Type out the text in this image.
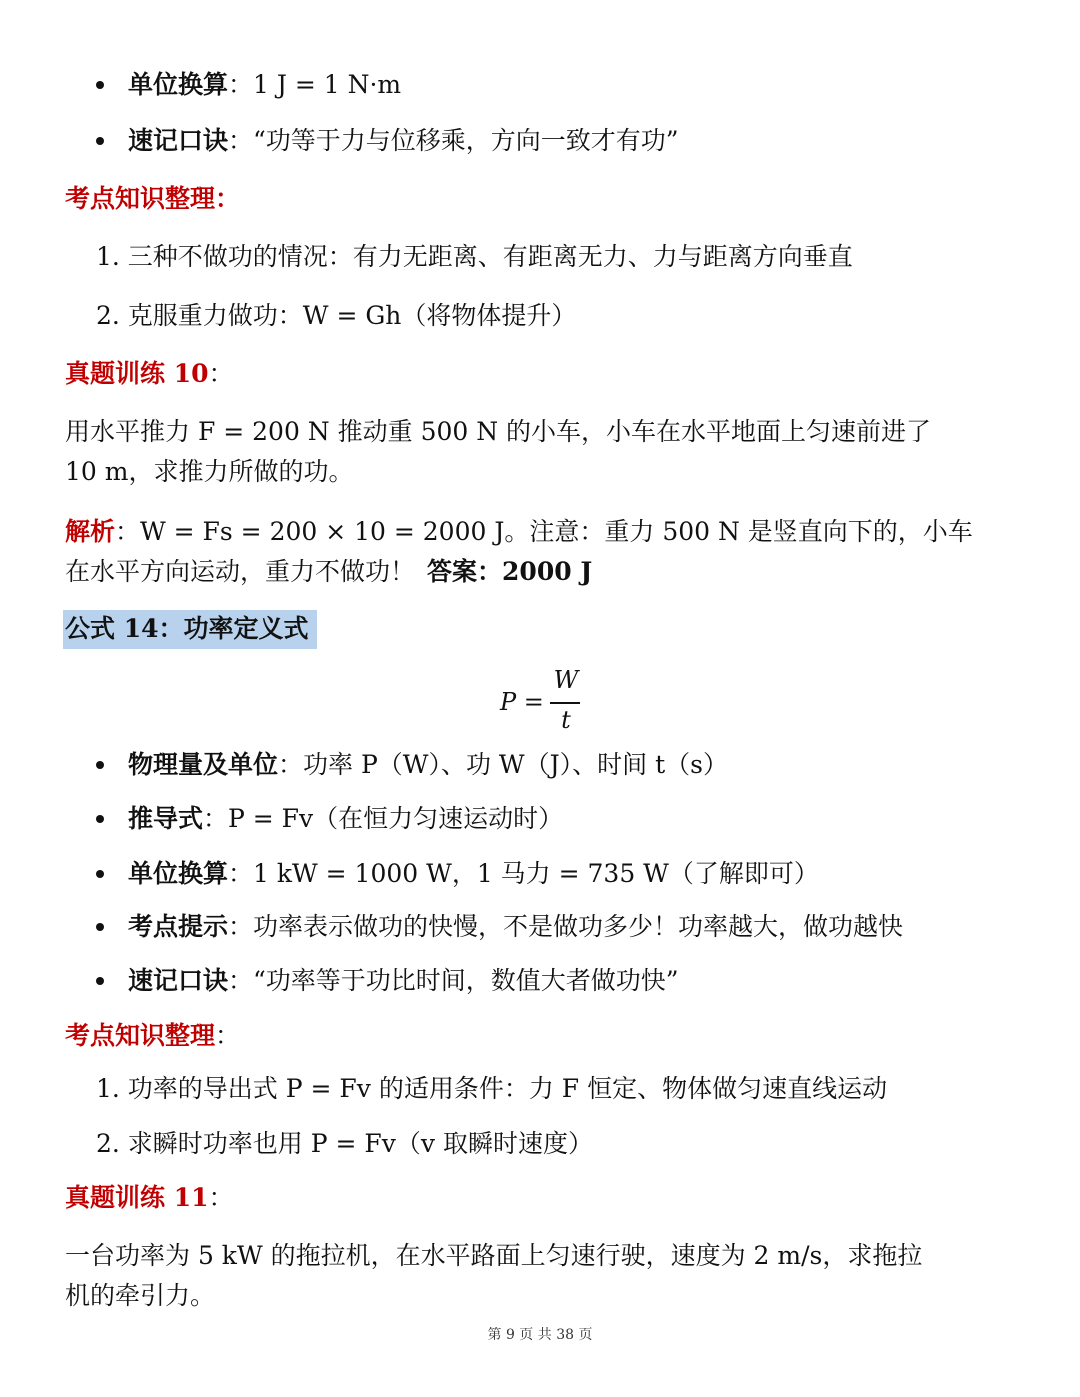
单位换算：1 J = 1 N·m
速记口诀：“功等于力与位移乘，方向一致才有功”
考点知识整理：
1. 三种不做功的情况：有力无距离、有距离无力、力与距离方向垂直
2. 克服重力做功：W = Gh（将物体提升）
真题训练 10：
用水平推力 F = 200 N 推动重 500 N 的小车，小车在水平地面上匀速前进了
10 m，求推力所做的功。
解析：W = Fs = 200 × 10 = 2000 J。注意：重力 500 N 是竖直向下的，小车
在水平方向运动，重力不做功！ 答案：2000 J
公式 14：功率定义式
P =
W
t
物理量及单位：功率 P（W）、功 W（J）、时间 t（s）
推导式：P = Fv（在恒力匀速运动时）
单位换算：1 kW = 1000 W，1 马力 = 735 W（了解即可）
考点提示：功率表示做功的快慢，不是做功多少！功率越大，做功越快
速记口诀：“功率等于功比时间，数值大者做功快”
考点知识整理：
1. 功率的导出式 P = Fv 的适用条件：力 F 恒定、物体做匀速直线运动
2. 求瞬时功率也用 P = Fv（v 取瞬时速度）
真题训练 11：
一台功率为 5 kW 的拖拉机，在水平路面上匀速行驶，速度为 2 m/s，求拖拉
机的牵引力。
第 9 页 共 38 页
